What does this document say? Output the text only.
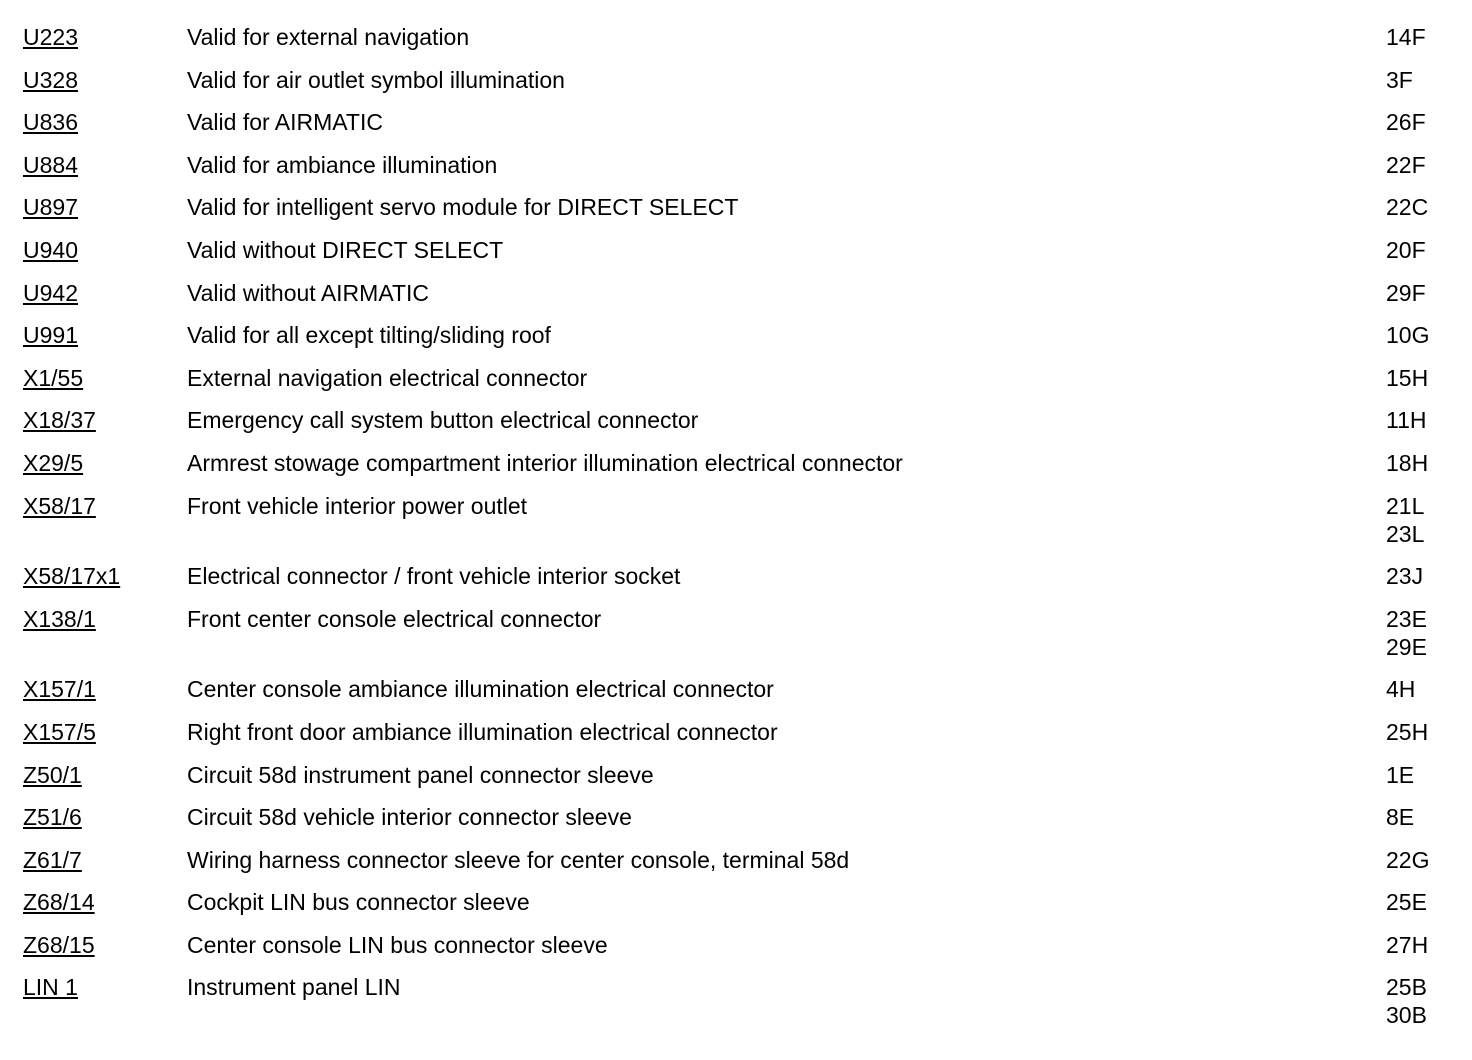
U223	Valid for external navigation	14F
U328	Valid for air outlet symbol illumination	3F
U836	Valid for AIRMATIC	26F
U884	Valid for ambiance illumination	22F
U897	Valid for intelligent servo module for DIRECT SELECT	22C
U940	Valid without DIRECT SELECT	20F
U942	Valid without AIRMATIC	29F
U991	Valid for all except tilting/sliding roof	10G
X1/55	External navigation electrical connector	15H
X18/37	Emergency call system button electrical connector	11H
X29/5	Armrest stowage compartment interior illumination electrical connector	18H
X58/17	Front vehicle interior power outlet	21L
23L
X58/17x1	Electrical connector / front vehicle interior socket	23J
X138/1	Front center console electrical connector	23E
29E
X157/1	Center console ambiance illumination electrical connector	4H
X157/5	Right front door ambiance illumination electrical connector	25H
Z50/1	Circuit 58d instrument panel connector sleeve	1E
Z51/6	Circuit 58d vehicle interior connector sleeve	8E
Z61/7	Wiring harness connector sleeve for center console, terminal 58d	22G
Z68/14	Cockpit LIN bus connector sleeve	25E
Z68/15	Center console LIN bus connector sleeve	27H
LIN 1	Instrument panel LIN	25B
30B
